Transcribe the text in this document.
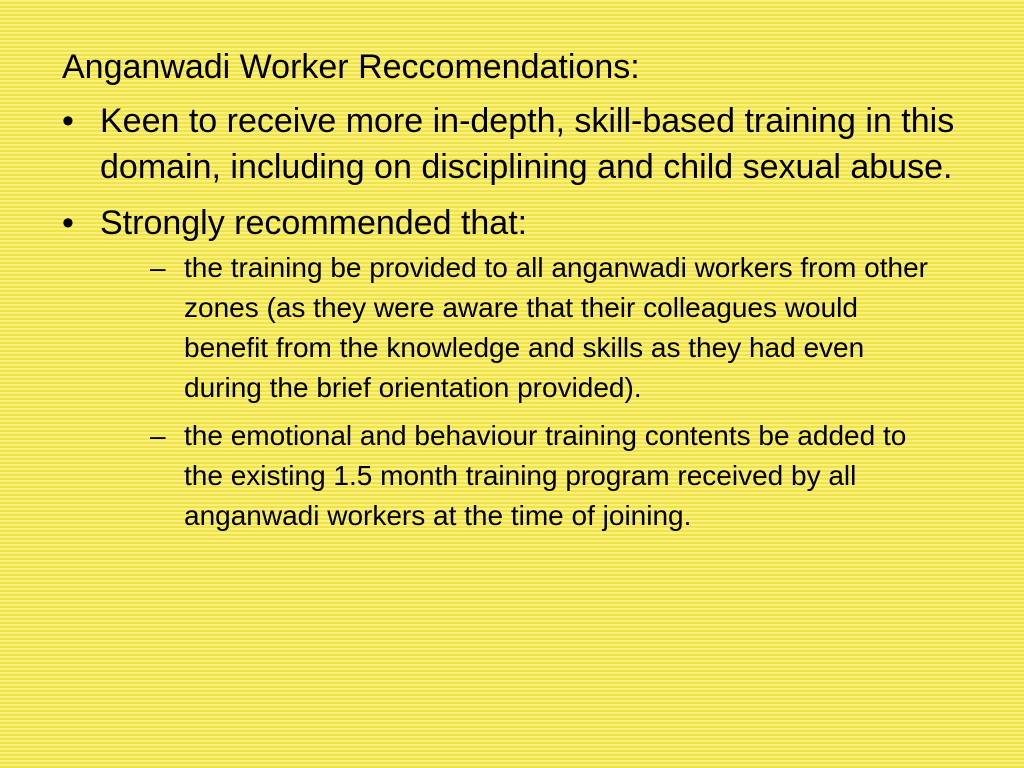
Anganwadi Worker Reccomendations:
• Keen to receive more in-depth, skill-based training in this domain, including on disciplining and child sexual abuse.
• Strongly recommended that:
– the training be provided to all anganwadi workers from other zones (as they were aware that their colleagues would benefit from the knowledge and skills as they had even during the brief orientation provided).
– the emotional and behaviour training contents be added to the existing 1.5 month training program received by all anganwadi workers at the time of joining.
